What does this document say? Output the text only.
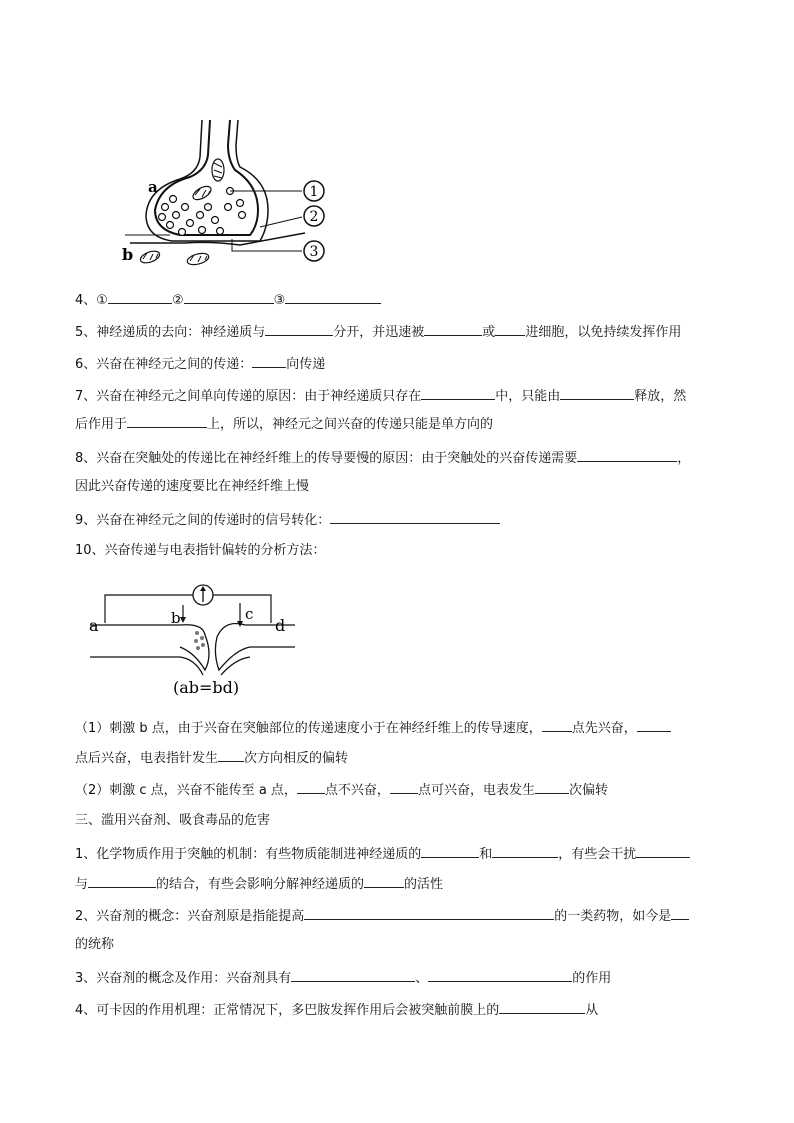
1
2
3
a
b
4、①	②	③
5、神经递质的去向：神经递质与	分开，并迅速被	或 进细胞，以免持续发挥作用
6、兴奋在神经元之间的传递：	向传递
7、兴奋在神经元之间单向传递的原因：由于神经递质只存在	中，只能由	释放，然
后作用于	上，所以，神经元之间兴奋的传递只能是单方向的
8、兴奋在突触处的传递比在神经纤维上的传导要慢的原因：由于突触处的兴奋传递需要	，
因此兴奋传递的速度要比在神经纤维上慢
9、兴奋在神经元之间的传递时的信号转化：
10、兴奋传递与电表指针偏转的分析方法：
a	b	c
d
(ab=bd)
（1）刺激 b 点，由于兴奋在突触部位的传递速度小于在神经纤维上的传导速度， 点先兴奋，
点后兴奋，电表指针发生 次方向相反的偏转
（2）刺激 c 点，兴奋不能传至 a 点， 点不兴奋， 点可兴奋，电表发生	次偏转
三、滥用兴奋剂、吸食毒品的危害
1、化学物质作用于突触的机制：有些物质能制进神经递质的	和	，有些会干扰
与	的结合，有些会影响分解神经递质的	的活性
2、兴奋剂的概念：兴奋剂原是指能提高	的一类药物，如今是
的统称
3、兴奋剂的概念及作用：兴奋剂具有	、	的作用
4、可卡因的作用机理：正常情况下，多巴胺发挥作用后会被突触前膜上的	从
